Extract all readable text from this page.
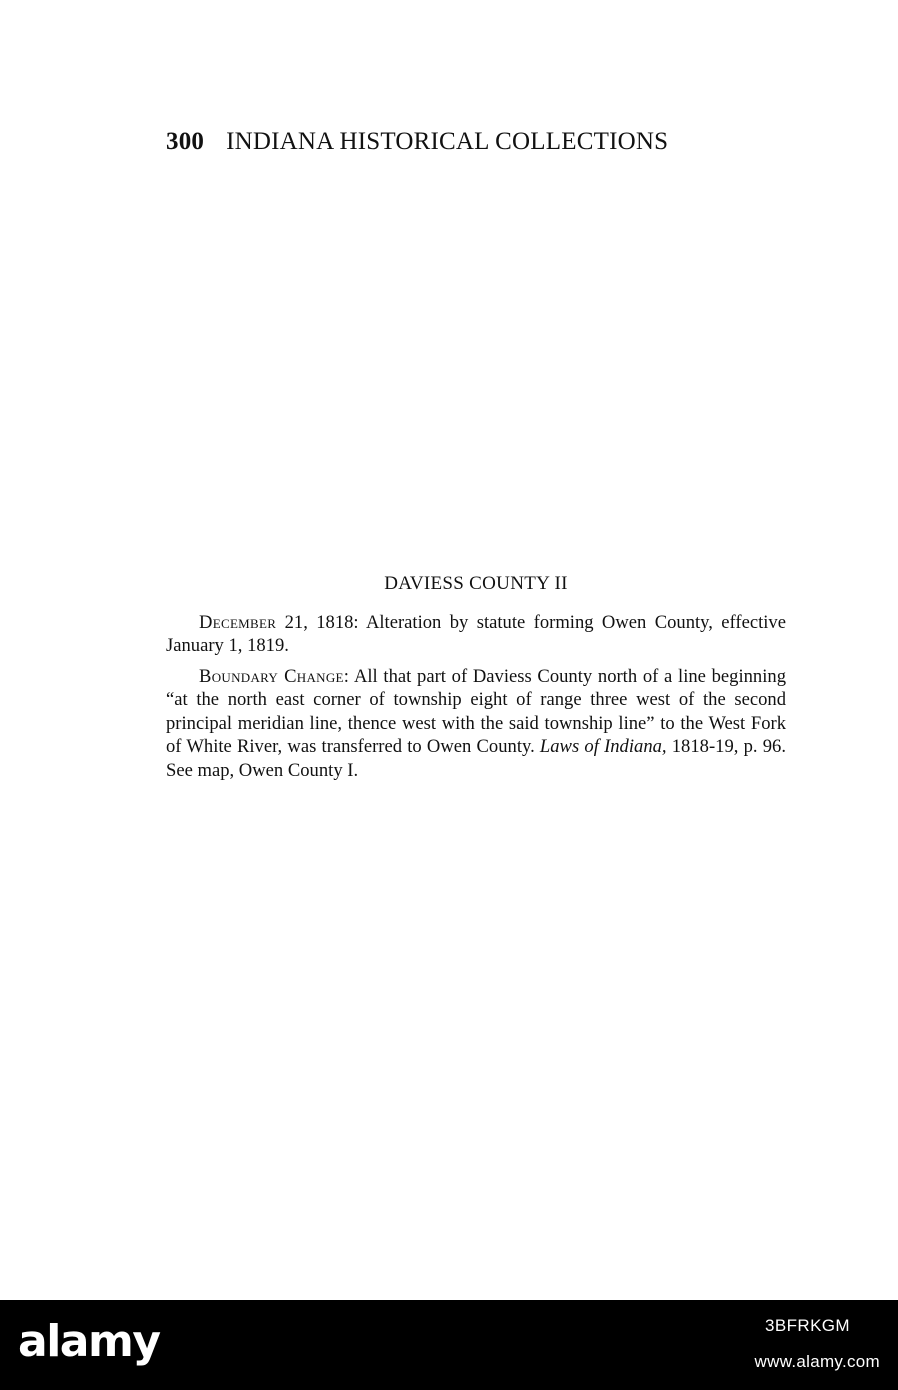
300 INDIANA HISTORICAL COLLECTIONS
DAVIESS COUNTY II

December 21, 1818: Alteration by statute forming Owen County, effective January 1, 1819.

Boundary Change: All that part of Daviess County north of a line beginning “at the north east corner of township eight of range three west of the second principal meridian line, thence west with the said township line” to the West Fork of White River, was transferred to Owen County. Laws of Indiana, 1818-19, p. 96. See map, Owen County I.

alamy	3BFRKGM
www.alamy.com
